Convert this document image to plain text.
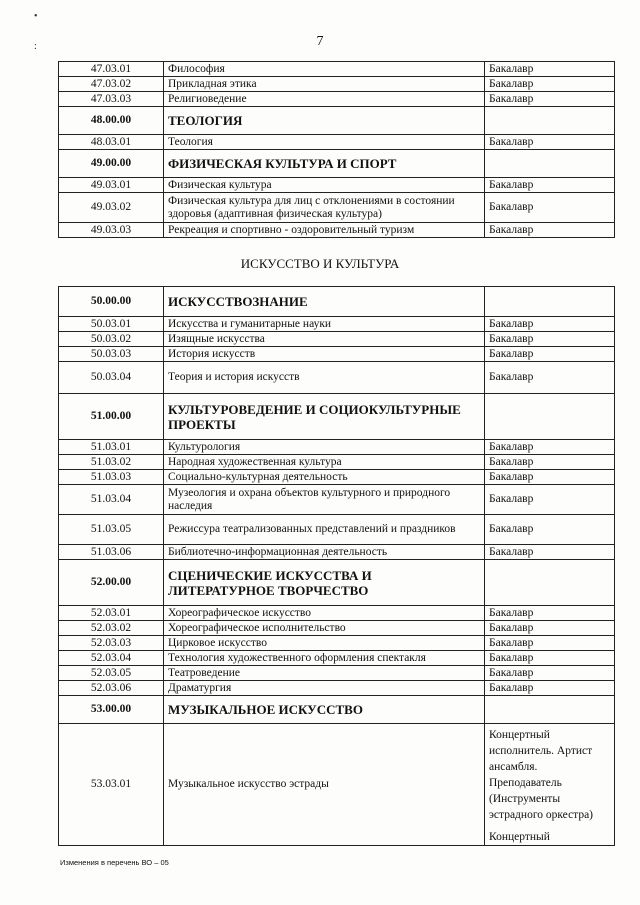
•

:	7
47.03.01	Философия	Бакалавр
47.03.02	Прикладная этика	Бакалавр
47.03.03	Религиоведение	Бакалавр
48.00.00	ТЕОЛОГИЯ	
48.03.01	Теология	Бакалавр
49.00.00	ФИЗИЧЕСКАЯ КУЛЬТУРА И СПОРТ	
49.03.01	Физическая культура	Бакалавр
49.03.02	Физическая культура для лиц с отклонениями в состоянии здоровья (адаптивная физическая культура)	Бакалавр
49.03.03	Рекреация и спортивно - оздоровительный туризм	Бакалавр
ИСКУССТВО И КУЛЬТУРА
50.00.00	ИСКУССТВОЗНАНИЕ	
50.03.01	Искусства и гуманитарные науки	Бакалавр
50.03.02	Изящные искусства	Бакалавр
50.03.03	История искусств	Бакалавр
50.03.04	Теория и история искусств	Бакалавр
51.00.00	КУЛЬТУРОВЕДЕНИЕ И СОЦИОКУЛЬТУРНЫЕ ПРОЕКТЫ	
51.03.01	Культурология	Бакалавр
51.03.02	Народная художественная культура	Бакалавр
51.03.03	Социально-культурная деятельность	Бакалавр
51.03.04	Музеология и охрана объектов культурного и природного наследия	Бакалавр
51.03.05	Режиссура театрализованных представлений и праздников	Бакалавр
51.03.06	Библиотечно-информационная деятельность	Бакалавр
52.00.00	СЦЕНИЧЕСКИЕ ИСКУССТВА И ЛИТЕРАТУРНОЕ ТВОРЧЕСТВО	
52.03.01	Хореографическое искусство	Бакалавр
52.03.02	Хореографическое исполнительство	Бакалавр
52.03.03	Цирковое искусство	Бакалавр
52.03.04	Технология художественного оформления спектакля	Бакалавр
52.03.05	Театроведение	Бакалавр
52.03.06	Драматургия	Бакалавр
53.00.00	МУЗЫКАЛЬНОЕ ИСКУССТВО	
53.03.01	Музыкальное искусство эстрады	Концертный исполнитель. Артист ансамбля. Преподаватель (Инструменты эстрадного оркестра)
Концертный
Изменения в перечень ВО – 05
